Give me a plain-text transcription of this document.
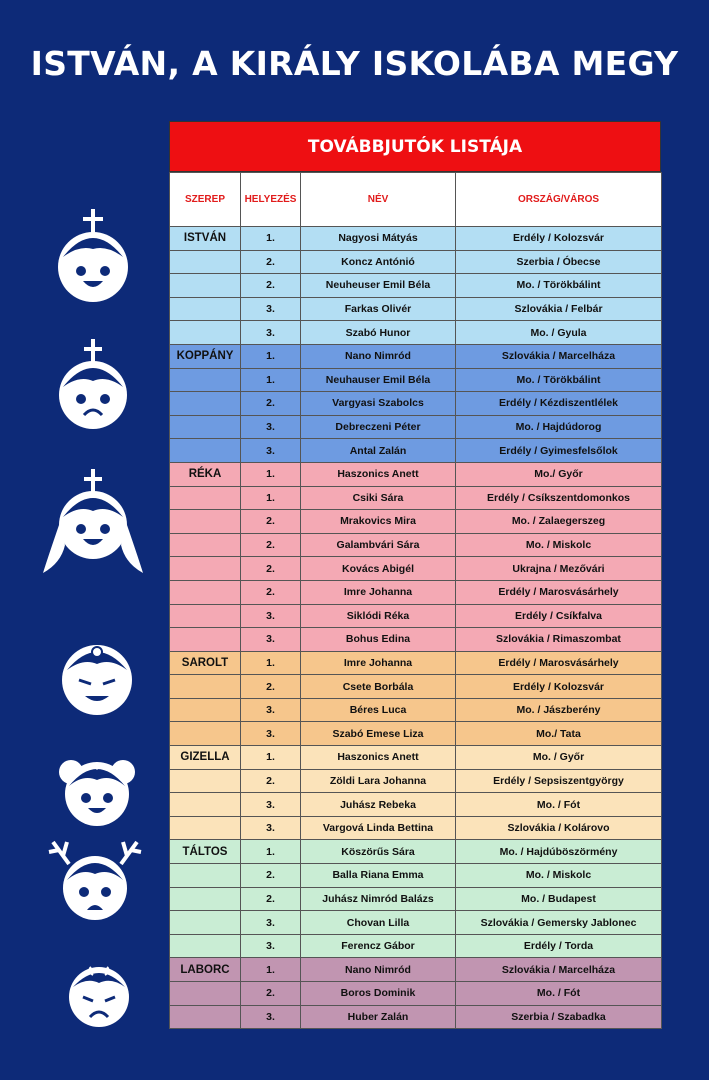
ISTVÁN, A KIRÁLY ISKOLÁBA MEGY
TOVÁBBJUTÓK LISTÁJA
SZEREP	HELYEZÉS	NÉV	ORSZÁG/VÁROS
ISTVÁN	1.	Nagyosi Mátyás	Erdély / Kolozsvár
	2.	Koncz Antónió	Szerbia / Óbecse
	2.	Neuheuser Emil Béla	Mo. / Törökbálint
	3.	Farkas Olivér	Szlovákia / Felbár
	3.	Szabó Hunor	Mo. / Gyula
KOPPÁNY	1.	Nano Nimród	Szlovákia / Marcelháza
	1.	Neuhauser Emil Béla	Mo. / Törökbálint
	2.	Vargyasi Szabolcs	Erdély / Kézdiszentlélek
	3.	Debreczeni Péter	Mo. / Hajdúdorog
	3.	Antal Zalán	Erdély / Gyimesfelsőlok
RÉKA	1.	Haszonics Anett	Mo./ Győr
	1.	Csiki Sára	Erdély / Csíkszentdomonkos
	2.	Mrakovics Mira	Mo. / Zalaegerszeg
	2.	Galambvári Sára	Mo. / Miskolc
	2.	Kovács Abigél	Ukrajna / Mezővári
	2.	Imre Johanna	Erdély / Marosvásárhely
	3.	Siklódi Réka	Erdély / Csíkfalva
	3.	Bohus Edina	Szlovákia / Rimaszombat
SAROLT	1.	Imre Johanna	Erdély / Marosvásárhely
	2.	Csete Borbála	Erdély / Kolozsvár
	3.	Béres Luca	Mo. / Jászberény
	3.	Szabó Emese Liza	Mo./ Tata
GIZELLA	1.	Haszonics Anett	Mo. / Győr
	2.	Zöldi Lara Johanna	Erdély / Sepsiszentgyörgy
	3.	Juhász Rebeka	Mo. / Fót
	3.	Vargová Linda Bettina	Szlovákia / Kolárovo
TÁLTOS	1.	Köszörűs Sára	Mo. / Hajdúböszörmény
	2.	Balla Riana Emma	Mo. / Miskolc
	2.	Juhász Nimród Balázs	Mo. / Budapest
	3.	Chovan Lilla	Szlovákia / Gemersky Jablonec
	3.	Ferencz Gábor	Erdély / Torda
LABORC	1.	Nano Nimród	Szlovákia / Marcelháza
	2.	Boros Dominik	Mo. / Fót
	3.	Huber Zalán	Szerbia / Szabadka
